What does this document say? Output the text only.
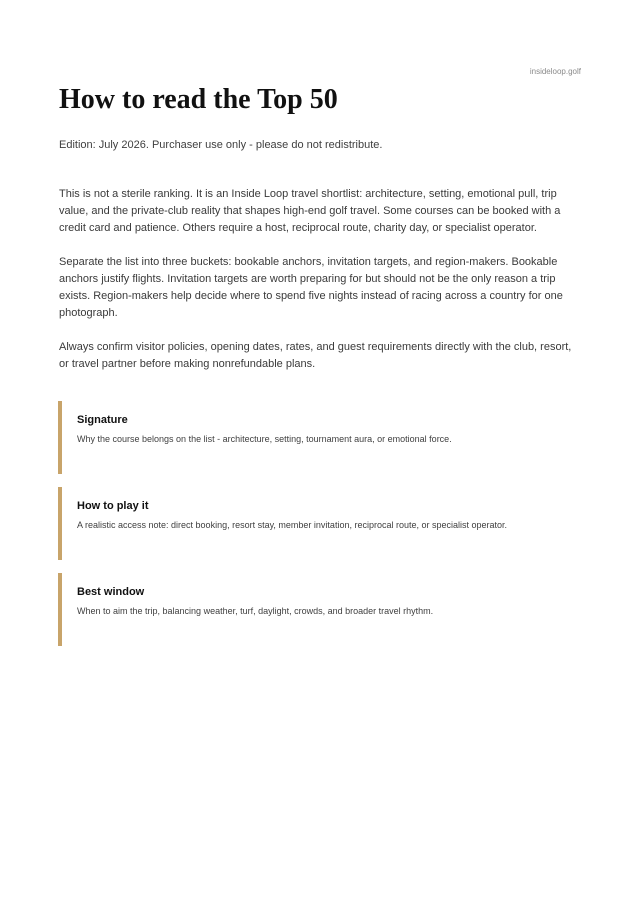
insideloop.golf
How to read the Top 50
Edition: July 2026. Purchaser use only - please do not redistribute.

This is not a sterile ranking. It is an Inside Loop travel shortlist: architecture, setting, emotional pull, trip value, and the private-club reality that shapes high-end golf travel. Some courses can be booked with a credit card and patience. Others require a host, reciprocal route, charity day, or specialist operator.

Separate the list into three buckets: bookable anchors, invitation targets, and region-makers. Bookable anchors justify flights. Invitation targets are worth preparing for but should not be the only reason a trip exists. Region-makers help decide where to spend five nights instead of racing across a country for one photograph.

Always confirm visitor policies, opening dates, rates, and guest requirements directly with the club, resort, or travel partner before making nonrefundable plans.

Signature

Why the course belongs on the list - architecture, setting, tournament aura, or emotional force.

How to play it

A realistic access note: direct booking, resort stay, member invitation, reciprocal route, or specialist operator.

Best window

When to aim the trip, balancing weather, turf, daylight, crowds, and broader travel rhythm.
